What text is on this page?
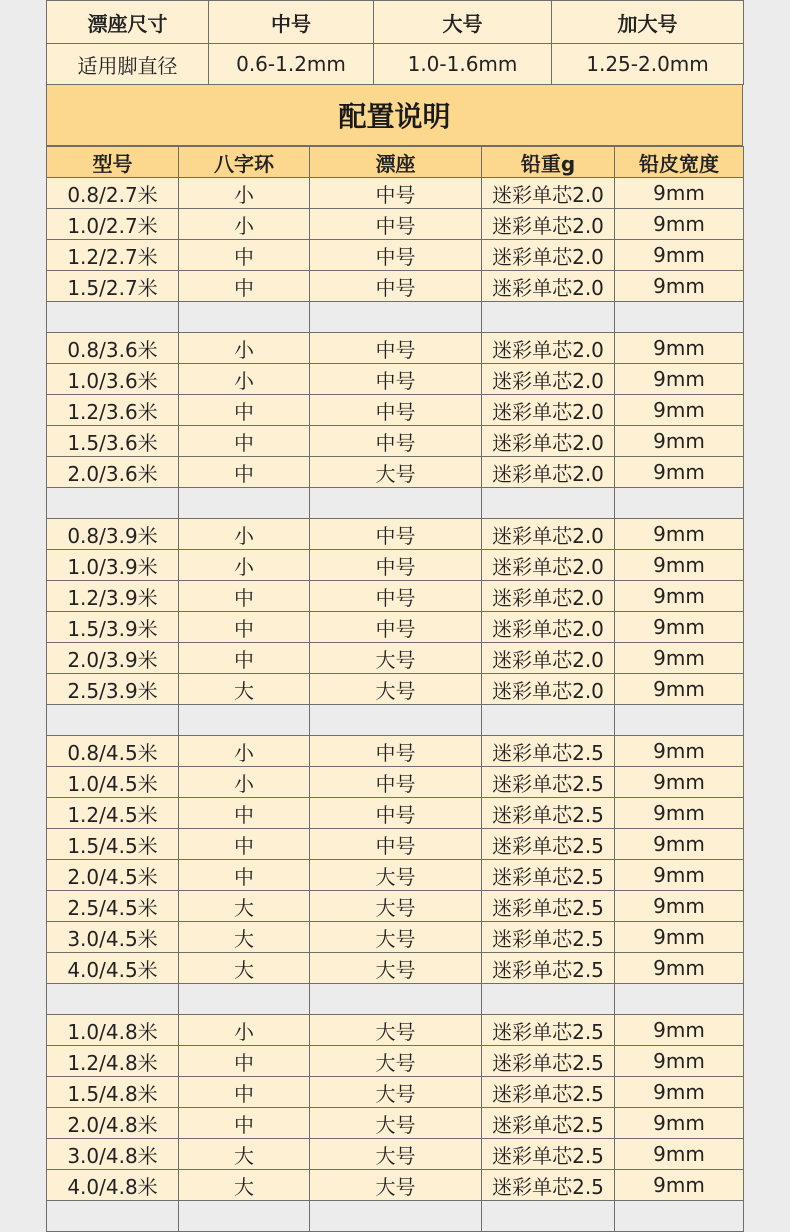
漂座尺寸	中号	大号	加大号
适用脚直径	0.6-1.2mm	1.0-1.6mm	1.25-2.0mm
配置说明
型号	八字环	漂座	铅重g	铅皮宽度
0.8/2.7米	小	中号	迷彩单芯2.0	9mm
1.0/2.7米	小	中号	迷彩单芯2.0	9mm
1.2/2.7米	中	中号	迷彩单芯2.0	9mm
1.5/2.7米	中	中号	迷彩单芯2.0	9mm

0.8/3.6米	小	中号	迷彩单芯2.0	9mm
1.0/3.6米	小	中号	迷彩单芯2.0	9mm
1.2/3.6米	中	中号	迷彩单芯2.0	9mm
1.5/3.6米	中	中号	迷彩单芯2.0	9mm
2.0/3.6米	中	大号	迷彩单芯2.0	9mm

0.8/3.9米	小	中号	迷彩单芯2.0	9mm
1.0/3.9米	小	中号	迷彩单芯2.0	9mm
1.2/3.9米	中	中号	迷彩单芯2.0	9mm
1.5/3.9米	中	中号	迷彩单芯2.0	9mm
2.0/3.9米	中	大号	迷彩单芯2.0	9mm
2.5/3.9米	大	大号	迷彩单芯2.0	9mm

0.8/4.5米	小	中号	迷彩单芯2.5	9mm
1.0/4.5米	小	中号	迷彩单芯2.5	9mm
1.2/4.5米	中	中号	迷彩单芯2.5	9mm
1.5/4.5米	中	中号	迷彩单芯2.5	9mm
2.0/4.5米	中	大号	迷彩单芯2.5	9mm
2.5/4.5米	大	大号	迷彩单芯2.5	9mm
3.0/4.5米	大	大号	迷彩单芯2.5	9mm
4.0/4.5米	大	大号	迷彩单芯2.5	9mm

1.0/4.8米	小	大号	迷彩单芯2.5	9mm
1.2/4.8米	中	大号	迷彩单芯2.5	9mm
1.5/4.8米	中	大号	迷彩单芯2.5	9mm
2.0/4.8米	中	大号	迷彩单芯2.5	9mm
3.0/4.8米	大	大号	迷彩单芯2.5	9mm
4.0/4.8米	大	大号	迷彩单芯2.5	9mm
